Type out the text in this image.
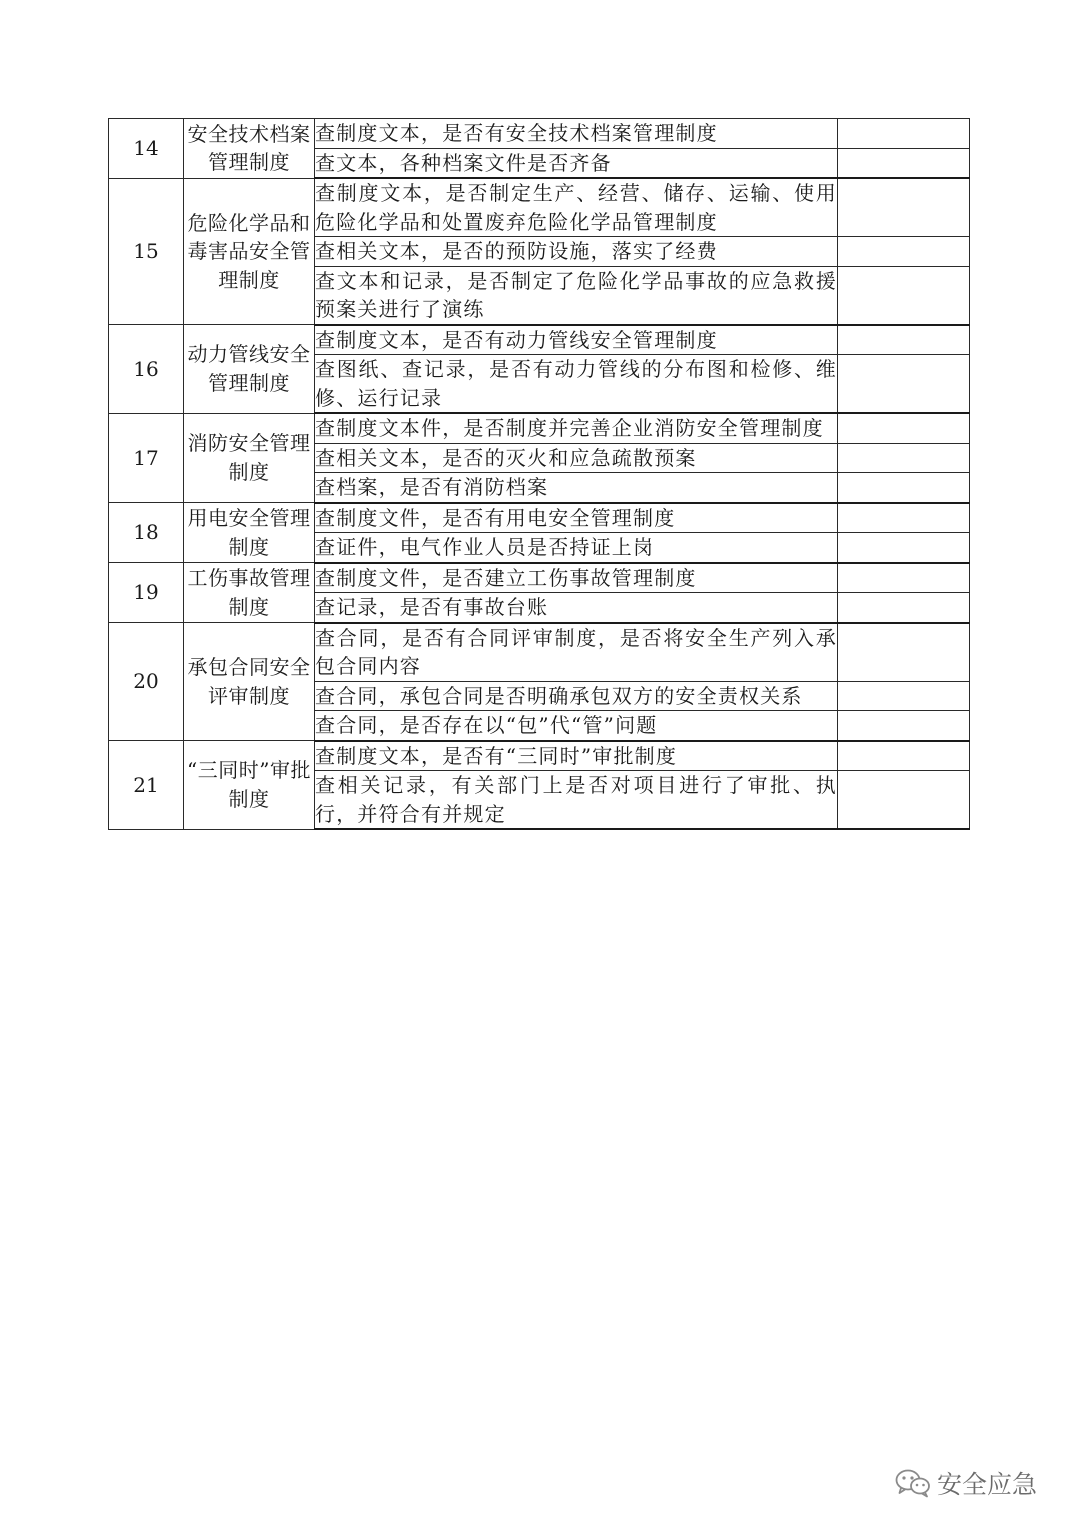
14	安全技术档案管理制度	查制度文本，是否有安全技术档案管理制度	
		查文本，各种档案文件是否齐备	
15	危险化学品和毒害品安全管理制度	查制度文本，是否制定生产、经营、储存、运输、使用危险化学品和处置废弃危险化学品管理制度	
		查相关文本，是否的预防设施，落实了经费	
		查文本和记录，是否制定了危险化学品事故的应急救援预案关进行了演练	
16	动力管线安全管理制度	查制度文本，是否有动力管线安全管理制度	
		查图纸、查记录，是否有动力管线的分布图和检修、维修、运行记录	
17	消防安全管理制度	查制度文本件，是否制度并完善企业消防安全管理制度	
		查相关文本，是否的灭火和应急疏散预案	
		查档案，是否有消防档案	
18	用电安全管理制度	查制度文件，是否有用电安全管理制度	
		查证件，电气作业人员是否持证上岗	
19	工伤事故管理制度	查制度文件，是否建立工伤事故管理制度	
		查记录，是否有事故台账	
20	承包合同安全评审制度	查合同，是否有合同评审制度，是否将安全生产列入承包合同内容	
		查合同，承包合同是否明确承包双方的安全责权关系	
		查合同，是否存在以“包”代“管”问题	
21	“三同时”审批制度	查制度文本，是否有“三同时”审批制度	
		查相关记录，有关部门上是否对项目进行了审批、执行，并符合有并规定	
安全应急
